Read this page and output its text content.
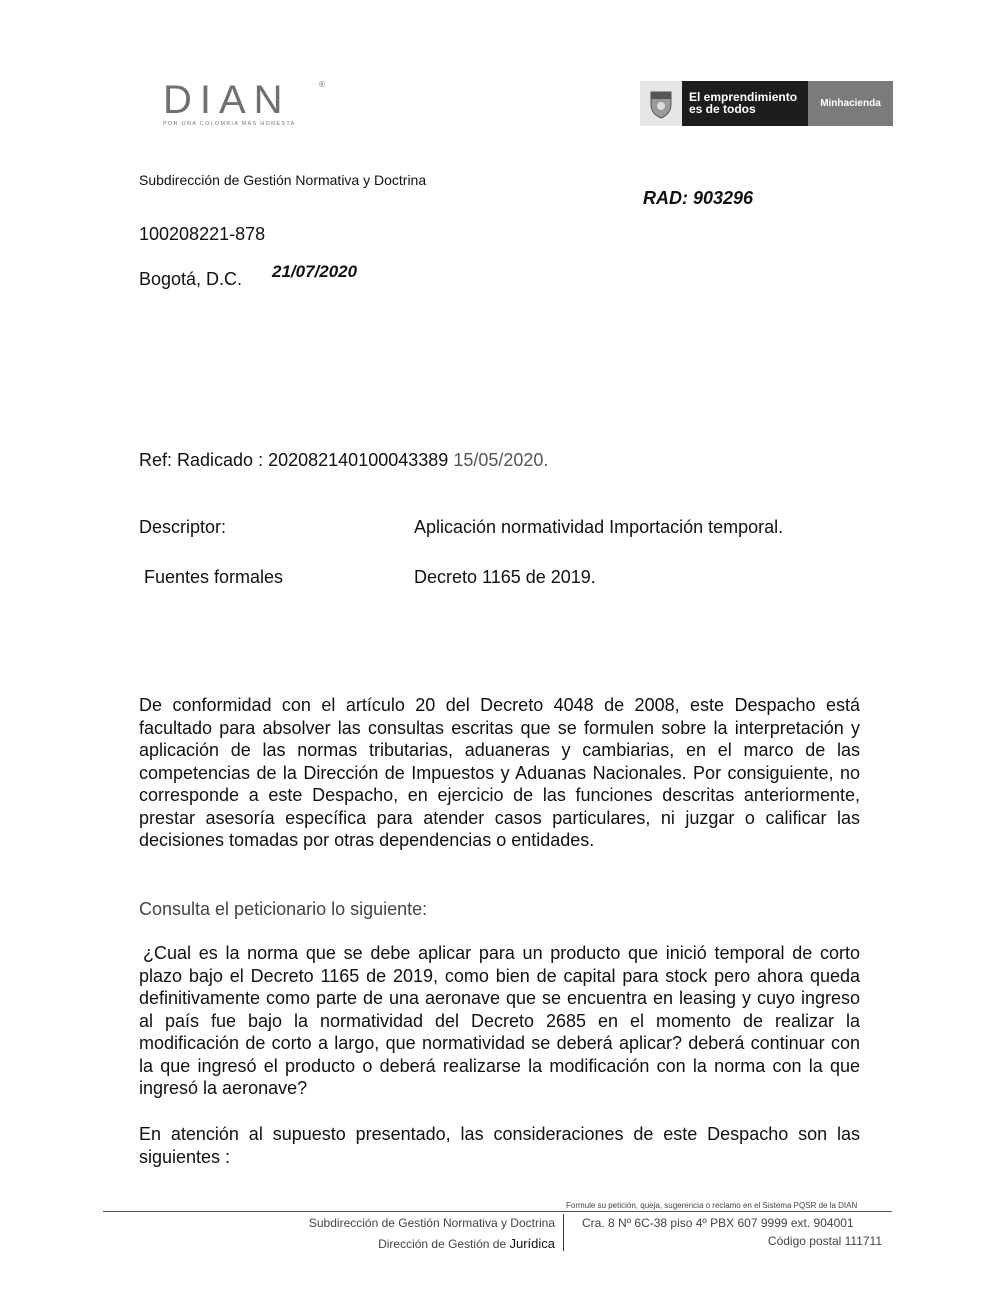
DIAN	®
POR UNA COLOMBIA MÁS HONESTA
El emprendimiento
es de todos	Minhacienda
Subdirección de Gestión Normativa y Doctrina
RAD: 903296
100208221-878
Bogotá, D.C. 21/07/2020
Ref: Radicado : 202082140100043389 15/05/2020.
Descriptor:	Aplicación normatividad Importación temporal.
Fuentes formales	Decreto 1165 de 2019.

De conformidad con el artículo 20 del Decreto 4048 de 2008, este Despacho está facultado para absolver las consultas escritas que se formulen sobre la interpretación y aplicación de las normas tributarias, aduaneras y cambiarias, en el marco de las competencias de la Dirección de Impuestos y Aduanas Nacionales. Por consiguiente, no corresponde a este Despacho, en ejercicio de las funciones descritas anteriormente, prestar asesoría específica para atender casos particulares, ni juzgar o calificar las decisiones tomadas por otras dependencias o entidades.

Consulta el peticionario lo siguiente:

¿Cual es la norma que se debe aplicar para un producto que inició temporal de corto plazo bajo el Decreto 1165 de 2019, como bien de capital para stock pero ahora queda definitivamente como parte de una aeronave que se encuentra en leasing y cuyo ingreso al país fue bajo la normatividad del Decreto 2685 en el momento de realizar la modificación de corto a largo, que normatividad se deberá aplicar? deberá continuar con la que ingresó el producto o deberá realizarse la modificación con la norma con la que ingresó la aeronave?

En atención al supuesto presentado, las consideraciones de este Despacho son las siguientes :

Formule su petición, queja, sugerencia o reclamo en el Sistema PQSR de la DIAN
Subdirección de Gestión Normativa y Doctrina
Dirección de Gestión de Jurídica
Cra. 8 Nº 6C-38 piso 4º PBX 607 9999 ext. 904001
Código postal 111711
